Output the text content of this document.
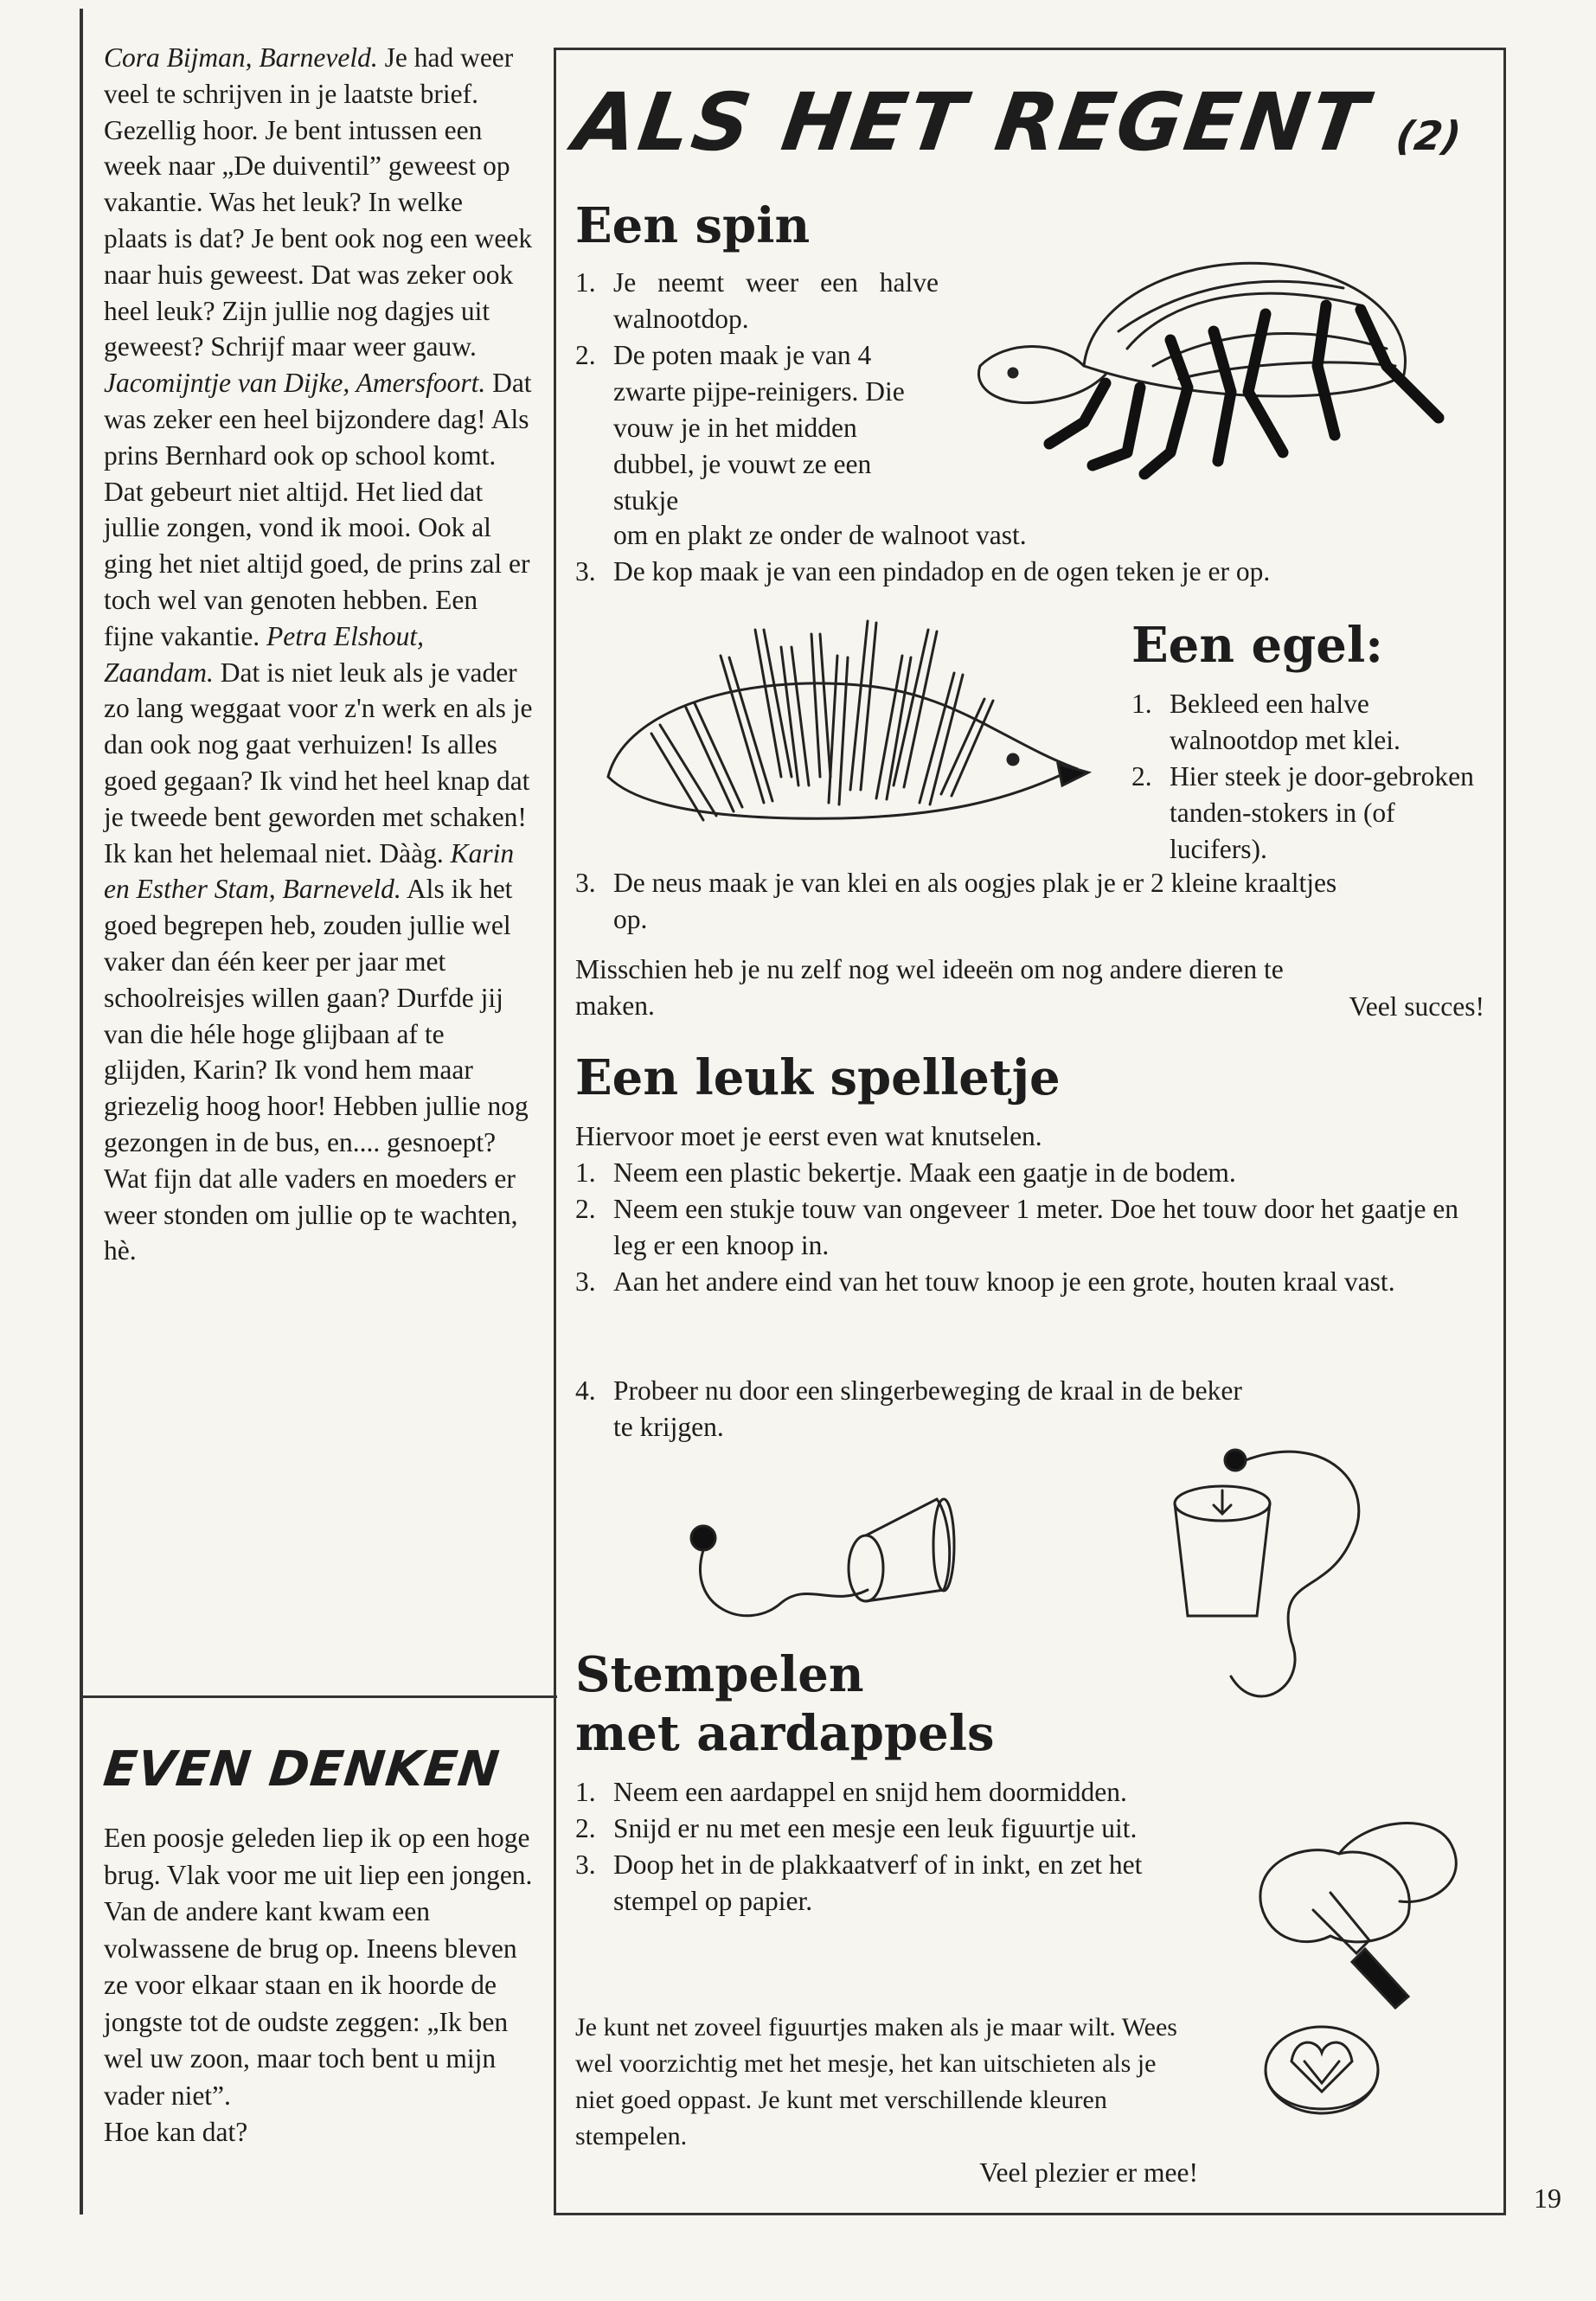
Cora Bijman, Barneveld. Je had weer veel te schrijven in je laatste brief. Gezellig hoor. Je bent intussen een week naar „De duiventil” geweest op vakantie. Was het leuk? In welke plaats is dat? Je bent ook nog een week naar huis geweest. Dat was zeker ook heel leuk? Zijn jullie nog dagjes uit geweest? Schrijf maar weer gauw. Jacomijntje van Dijke, Amersfoort. Dat was zeker een heel bijzondere dag! Als prins Bernhard ook op school komt. Dat gebeurt niet altijd. Het lied dat jullie zongen, vond ik mooi. Ook al ging het niet altijd goed, de prins zal er toch wel van genoten hebben. Een fijne vakantie. Petra Elshout, Zaandam. Dat is niet leuk als je vader zo lang weggaat voor z'n werk en als je dan ook nog gaat verhuizen! Is alles goed gegaan? Ik vind het heel knap dat je tweede bent geworden met schaken! Ik kan het helemaal niet. Dààg. Karin en Esther Stam, Barneveld. Als ik het goed begrepen heb, zouden jullie wel vaker dan één keer per jaar met schoolreisjes willen gaan? Durfde jij van die héle hoge glijbaan af te glijden, Karin? Ik vond hem maar griezelig hoog hoor! Hebben jullie nog gezongen in de bus, en.... gesnoept? Wat fijn dat alle vaders en moeders er weer stonden om jullie op te wachten, hè.
EVEN DENKEN
Een poosje geleden liep ik op een hoge brug. Vlak voor me uit liep een jongen. Van de andere kant kwam een volwassene de brug op. Ineens bleven ze voor elkaar staan en ik hoorde de jongste tot de oudste zeggen: „Ik ben wel uw zoon, maar toch bent u mijn vader niet”.
Hoe kan dat?
ALS HET REGENT (2)
Een spin
1. Je neemt weer een halve walnootdop.
2. De poten maak je van 4 zwarte pijpe-reinigers. Die vouw je in het midden dubbel, je vouwt ze een stukje
om en plakt ze onder de walnoot vast.
3. De kop maak je van een pindadop en de ogen teken je er op.
Een egel:
1. Bekleed een halve walnootdop met klei.
2. Hier steek je door-gebroken tanden-stokers in (of lucifers).
3. De neus maak je van klei en als oogjes plak je er 2 kleine kraaltjes op.
Misschien heb je nu zelf nog wel ideeën om nog andere dieren te maken.	Veel succes!
Een leuk spelletje
Hiervoor moet je eerst even wat knutselen.
1. Neem een plastic bekertje. Maak een gaatje in de bodem.
2. Neem een stukje touw van ongeveer 1 meter. Doe het touw door het gaatje en leg er een knoop in.
3. Aan het andere eind van het touw knoop je een grote, houten kraal vast.
4. Probeer nu door een slingerbeweging de kraal in de beker te krijgen.
Stempelen
met aardappels
1. Neem een aardappel en snijd hem doormidden.
2. Snijd er nu met een mesje een leuk figuurtje uit.
3. Doop het in de plakkaatverf of in inkt, en zet het stempel op papier.
Je kunt net zoveel figuurtjes maken als je maar wilt. Wees wel voorzichtig met het mesje, het kan uitschieten als je niet goed oppast. Je kunt met verschillende kleuren stempelen.
Veel plezier er mee!
19
